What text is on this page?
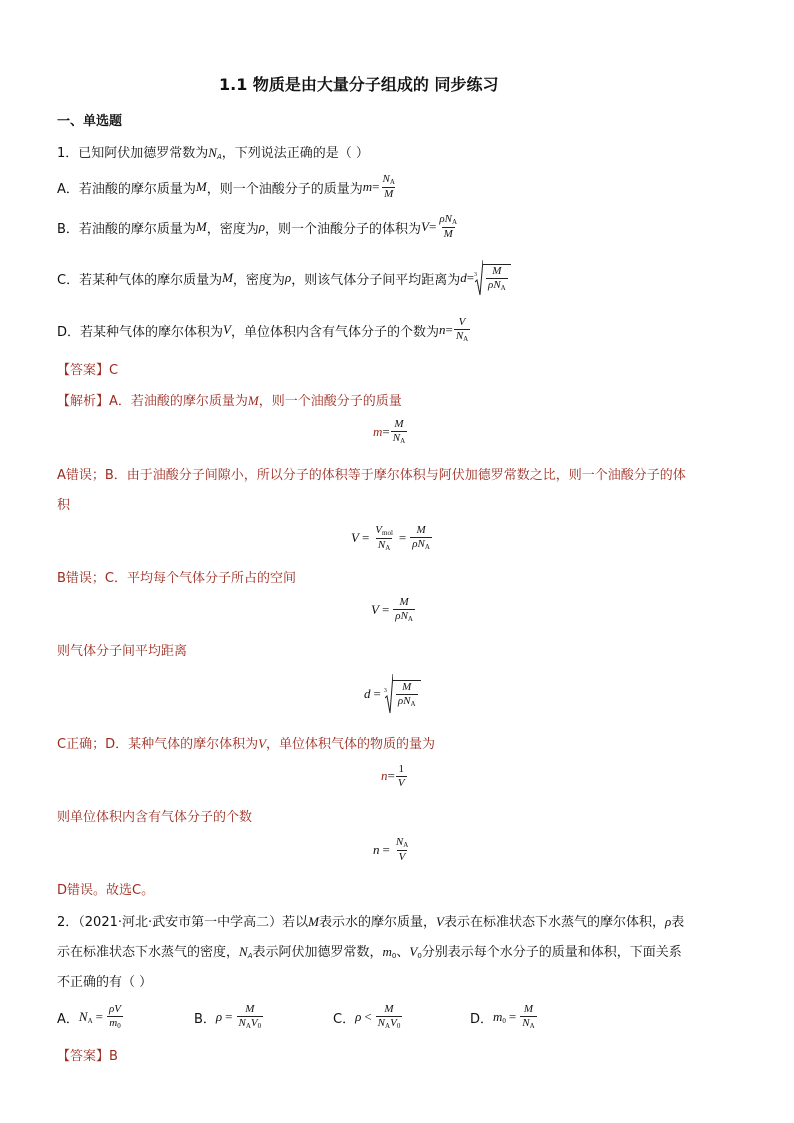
1.1 物质是由大量分子组成的 同步练习
一、单选题
1．已知阿伏加德罗常数为$N_A$，下列说法正确的是（ ）
A．若油酸的摩尔质量为 M ，则一个油酸分子的质量为 $m = \frac{N_A}{M}$
B．若油酸的摩尔质量为 M ，密度为 ρ ，则一个油酸分子的体积为 $V = \frac{\rho N_A}{M}$
C．若某种气体的摩尔质量为 M ，密度为 ρ ，则该气体分子间平均距离为 $d = 3 \frac{M}{\rho N_A}$
D．若某种气体的摩尔体积为 V ，单位体积内含有气体分子的个数为 $n = \frac{V}{N_A}$
【答案】C
【解析】A．若油酸的摩尔质量为M，则一个油酸分子的质量
$m = \frac{M}{N_A}$
A错误；B．由于油酸分子间隙小，所以分子的体积等于摩尔体积与阿伏加德罗常数之比，则一个油酸分子的体
积
$V = \frac{V_{mol}}{N_A} = \frac{M}{\rho N_A}$
B错误；C．平均每个气体分子所占的空间
$V = \frac{M}{\rho N_A}$
则气体分子间平均距离
$d = 3 \frac{M}{\rho N_A}$
C正确；D．某种气体的摩尔体积为V，单位体积气体的物质的量为
$n = \frac{1}{V}$
则单位体积内含有气体分子的个数
$n = \frac{N_A}{V}$
D错误。故选C。
2．（2021·河北·武安市第一中学高二）若以M表示水的摩尔质量，V表示在标准状态下水蒸气的摩尔体积，ρ表
示在标准状态下水蒸气的密度，$N_A$表示阿伏加德罗常数，$m_0$、$V_0$分别表示每个水分子的质量和体积，下面关系
不正确的有（ ）
A． $N_A = \frac{\rho V}{m_0}$	B． $\rho = \frac{M}{N_AV_0}$	C． $\rho < \frac{M}{N_AV_0}$	D． $m_0 = \frac{M}{N_A}$
【答案】B
